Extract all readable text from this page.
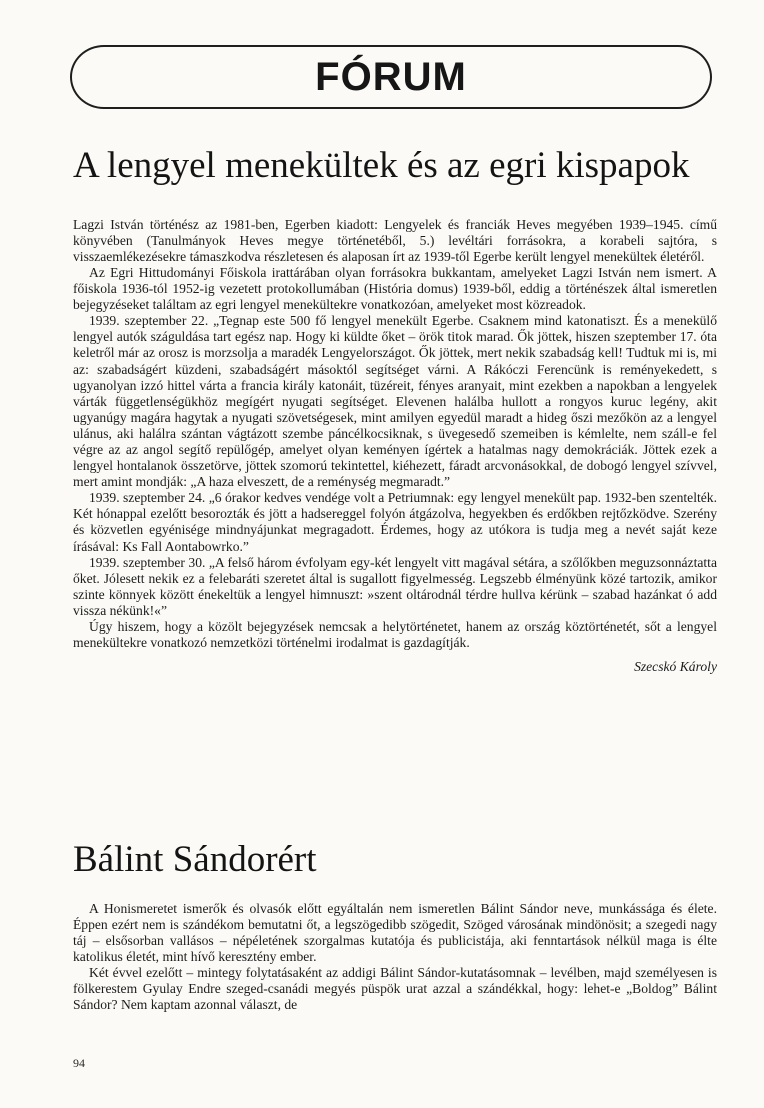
FÓRUM
A lengyel menekültek és az egri kispapok

Lagzi István történész az 1981-ben, Egerben kiadott: Lengyelek és franciák Heves megyében 1939–1945. című könyvében (Tanulmányok Heves megye történetéből, 5.) levéltári forrásokra, a korabeli sajtóra, s visszaemlékezésekre támaszkodva részletesen és alaposan írt az 1939-től Egerbe került lengyel menekültek életéről.

Az Egri Hittudományi Főiskola irattárában olyan forrásokra bukkantam, amelyeket Lagzi István nem ismert. A főiskola 1936-tól 1952-ig vezetett protokollumában (História domus) 1939-ből, eddig a történészek által ismeretlen bejegyzéseket találtam az egri lengyel menekültekre vonatkozóan, amelyeket most közreadok.

1939. szeptember 22. „Tegnap este 500 fő lengyel menekült Egerbe. Csaknem mind katonatiszt. És a menekülő lengyel autók száguldása tart egész nap. Hogy ki küldte őket – örök titok marad. Ők jöttek, hiszen szeptember 17. óta keletről már az orosz is morzsolja a maradék Lengyelországot. Ők jöttek, mert nekik szabadság kell! Tudtuk mi is, mi az: szabadságért küzdeni, szabadságért másoktól segítséget várni. A Rákóczi Ferencünk is reményekedett, s ugyanolyan izzó hittel várta a francia király katonáit, tüzéreit, fényes aranyait, mint ezekben a napokban a lengyelek várták függetlenségükhöz megígért nyugati segítséget. Elevenen halálba hullott a rongyos kuruc legény, akit ugyanúgy magára hagytak a nyugati szövetségesek, mint amilyen egyedül maradt a hideg őszi mezőkön az a lengyel ulánus, aki halálra szántan vágtázott szembe páncélkocsiknak, s üvegesedő szemeiben is kémlelte, nem száll-e fel végre az az angol segítő repülőgép, amelyet olyan keményen ígértek a hatalmas nagy demokráciák. Jöttek ezek a lengyel hontalanok összetörve, jöttek szomorú tekintettel, kiéhezett, fáradt arcvonásokkal, de dobogó lengyel szívvel, mert amint mondják: „A haza elveszett, de a reménység megmaradt.”

1939. szeptember 24. „6 órakor kedves vendége volt a Petriumnak: egy lengyel menekült pap. 1932-ben szentelték. Két hónappal ezelőtt besorozták és jött a hadsereggel folyón átgázolva, hegyekben és erdőkben rejtőzködve. Szerény és közvetlen egyénisége mindnyájunkat megragadott. Érdemes, hogy az utókora is tudja meg a nevét saját keze írásával: Ks Fall Aontabowrko.”

1939. szeptember 30. „A felső három évfolyam egy-két lengyelt vitt magával sétára, a szőlőkben meguzsonnáztatta őket. Jólesett nekik ez a felebaráti szeretet által is sugallott figyelmesség. Legszebb élményünk közé tartozik, amikor szinte könnyek között énekeltük a lengyel himnuszt: »szent oltárodnál térdre hullva kérünk – szabad hazánkat ó add vissza nékünk!«”

Úgy hiszem, hogy a közölt bejegyzések nemcsak a helytörténetet, hanem az ország köztörténetét, sőt a lengyel menekültekre vonatkozó nemzetközi történelmi irodalmat is gazdagítják.

Szecskó Károly
Bálint Sándorért

A Honismeretet ismerők és olvasók előtt egyáltalán nem ismeretlen Bálint Sándor neve, munkássága és élete. Éppen ezért nem is szándékom bemutatni őt, a legszögedibb szögedit, Szöged városának mindönösit; a szegedi nagy táj – elsősorban vallásos – népéletének szorgalmas kutatója és publicistája, aki fenntartások nélkül maga is élte katolikus életét, mint hívő keresztény ember.

Két évvel ezelőtt – mintegy folytatásaként az addigi Bálint Sándor-kutatásomnak – levélben, majd személyesen is fölkerestem Gyulay Endre szeged-csanádi megyés püspök urat azzal a szándékkal, hogy: lehet-e „Boldog” Bálint Sándor? Nem kaptam azonnal választ, de

94
